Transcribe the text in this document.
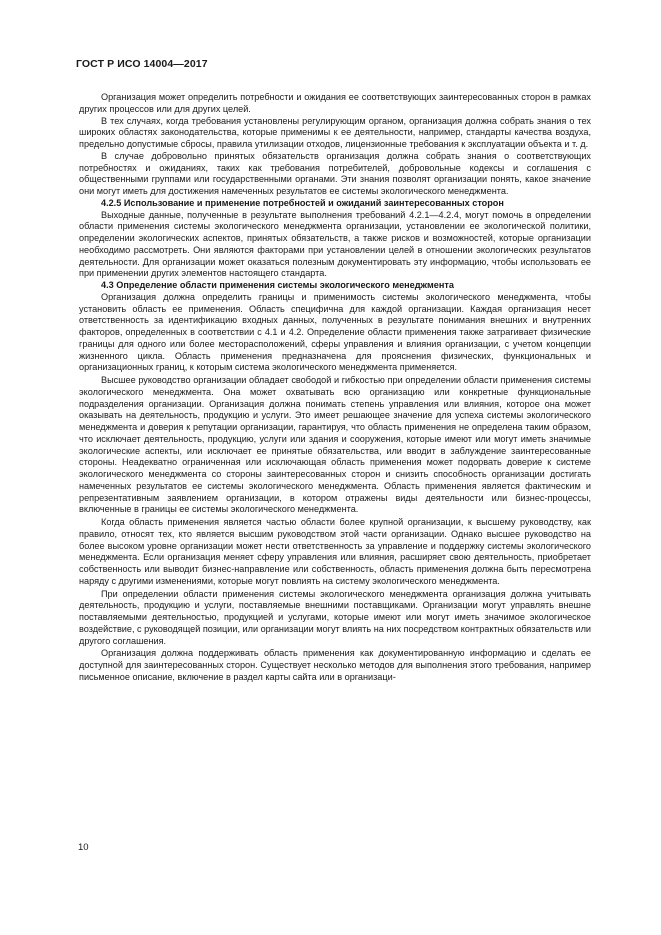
ГОСТ Р ИСО 14004—2017

Организация может определить потребности и ожидания ее соответствующих заинтересованных сторон в рамках других процессов или для других целей.

В тех случаях, когда требования установлены регулирующим органом, организация должна собрать знания о тех широких областях законодательства, которые применимы к ее деятельности, например, стандарты качества воздуха, предельно допустимые сбросы, правила утилизации отходов, лицензионные требования к эксплуатации объекта и т. д.

В случае добровольно принятых обязательств организация должна собрать знания о соответствующих потребностях и ожиданиях, таких как требования потребителей, добровольные кодексы и соглашения с общественными группами или государственными органами. Эти знания позволят организации понять, какое значение они могут иметь для достижения намеченных результатов ее системы экологического менеджмента.

4.2.5 Использование и применение потребностей и ожиданий заинтересованных сторон

Выходные данные, полученные в результате выполнения требований 4.2.1—4.2.4, могут помочь в определении области применения системы экологического менеджмента организации, установлении ее экологической политики, определении экологических аспектов, принятых обязательств, а также рисков и возможностей, которые организации необходимо рассмотреть. Они являются факторами при установлении целей в отношении экологических результатов деятельности. Для организации может оказаться полезным документировать эту информацию, чтобы использовать ее при применении других элементов настоящего стандарта.

4.3 Определение области применения системы экологического менеджмента

Организация должна определить границы и применимость системы экологического менеджмента, чтобы установить область ее применения. Область специфична для каждой организации. Каждая организация несет ответственность за идентификацию входных данных, полученных в результате понимания внешних и внутренних факторов, определенных в соответствии с 4.1 и 4.2. Определение области применения также затрагивает физические границы для одного или более месторасположений, сферы управления и влияния организации, с учетом концепции жизненного цикла. Область применения предназначена для прояснения физических, функциональных и организационных границ, к которым система экологического менеджмента применяется.

Высшее руководство организации обладает свободой и гибкостью при определении области применения системы экологического менеджмента. Она может охватывать всю организацию или конкретные функциональные подразделения организации. Организация должна понимать степень управления или влияния, которое она может оказывать на деятельность, продукцию и услуги. Это имеет решающее значение для успеха системы экологического менеджмента и доверия к репутации организации, гарантируя, что область применения не определена таким образом, что исключает деятельность, продукцию, услуги или здания и сооружения, которые имеют или могут иметь значимые экологические аспекты, или исключает ее принятые обязательства, или вводит в заблуждение заинтересованные стороны. Неадекватно ограниченная или исключающая область применения может подорвать доверие к системе экологического менеджмента со стороны заинтересованных сторон и снизить способность организации достигать намеченных результатов ее системы экологического менеджмента. Область применения является фактическим и репрезентативным заявлением организации, в котором отражены виды деятельности или бизнес-процессы, включенные в границы ее системы экологического менеджмента.

Когда область применения является частью области более крупной организации, к высшему руководству, как правило, относят тех, кто является высшим руководством этой части организации. Однако высшее руководство на более высоком уровне организации может нести ответственность за управление и поддержку системы экологического менеджмента. Если организация меняет сферу управления или влияния, расширяет свою деятельность, приобретает собственность или выводит бизнес-направление или собственность, область применения должна быть пересмотрена наряду с другими изменениями, которые могут повлиять на систему экологического менеджмента.

При определении области применения системы экологического менеджмента организация должна учитывать деятельность, продукцию и услуги, поставляемые внешними поставщиками. Организации могут управлять внешне поставляемыми деятельностью, продукцией и услугами, которые имеют или могут иметь значимое экологическое воздействие, с руководящей позиции, или организации могут влиять на них посредством контрактных обязательств или другого соглашения.

Организация должна поддерживать область применения как документированную информацию и сделать ее доступной для заинтересованных сторон. Существует несколько методов для выполнения этого требования, например письменное описание, включение в раздел карты сайта или в организаци-

10
